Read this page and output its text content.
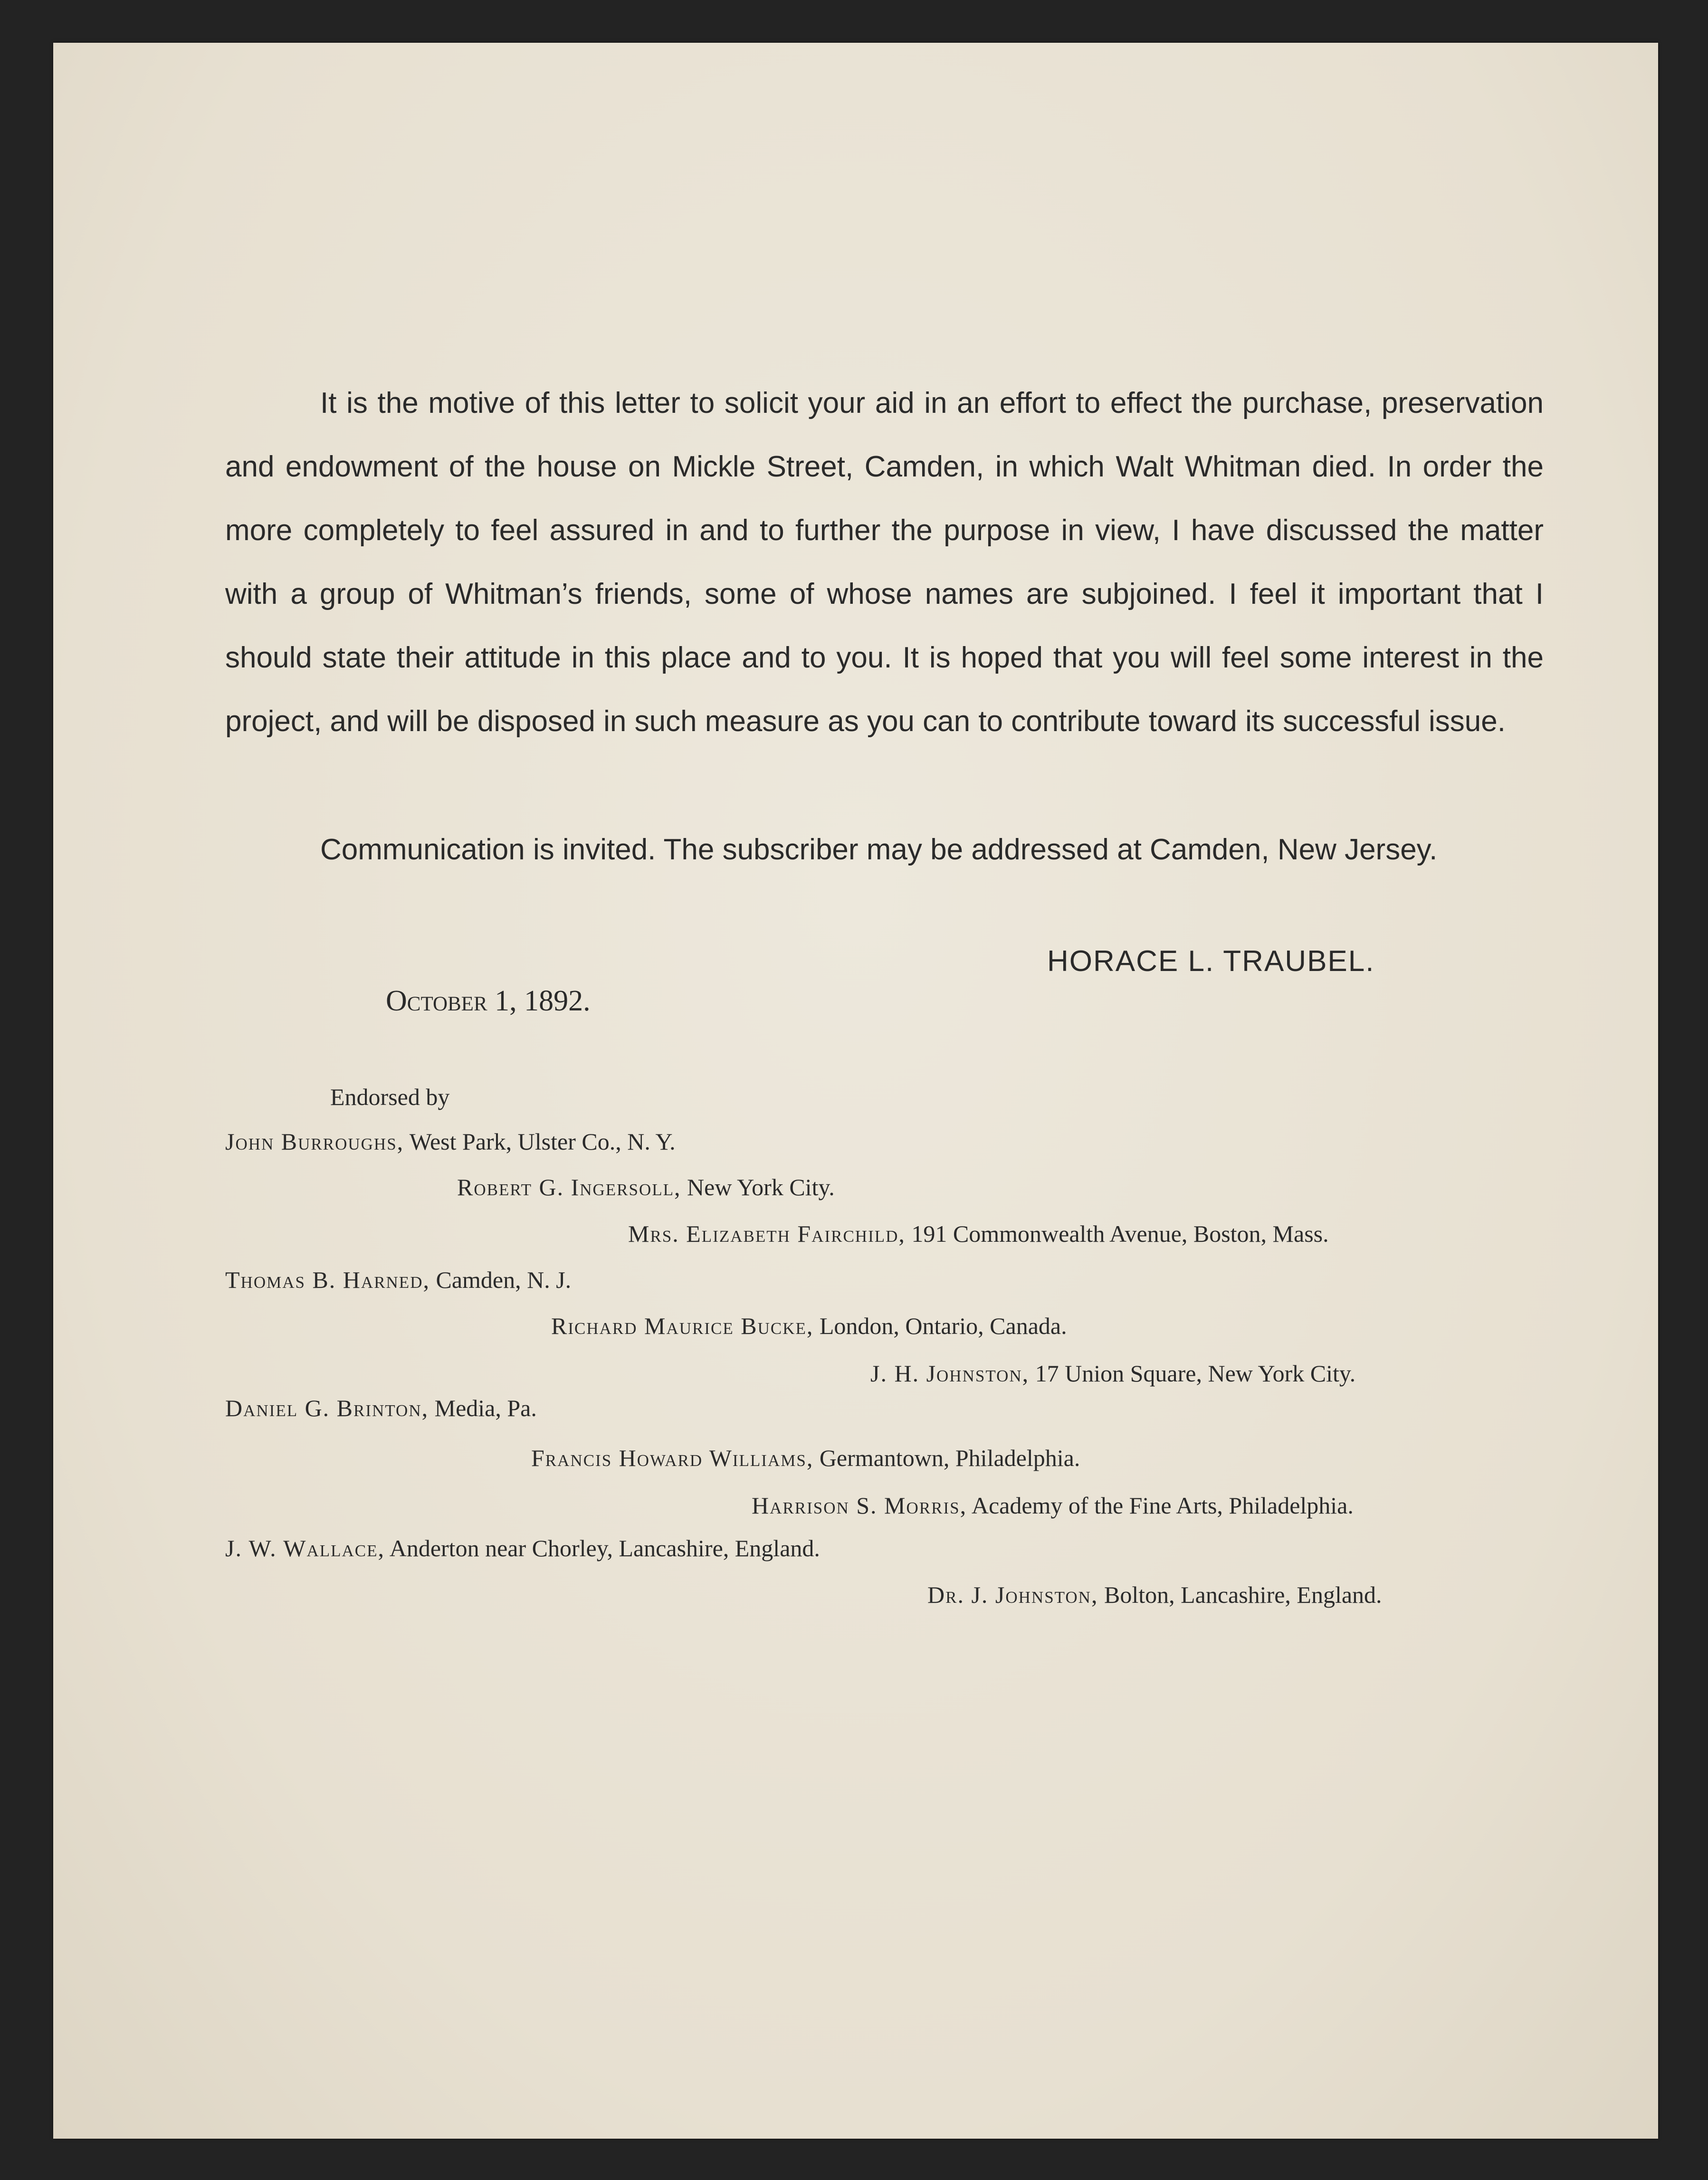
It is the motive of this letter to solicit your aid in an effort to effect the purchase, preservation and endowment of the house on Mickle Street, Camden, in which Walt Whitman died. In order the more completely to feel assured in and to further the purpose in view, I have discussed the matter with a group of Whitman’s friends, some of whose names are subjoined. I feel it important that I should state their attitude in this place and to you. It is hoped that you will feel some interest in the project, and will be disposed in such measure as you can to contribute toward its successful issue.

Communication is invited. The subscriber may be addressed at Camden, New Jersey.

HORACE L. TRAUBEL.
October 1, 1892.
Endorsed by
John Burroughs, West Park, Ulster Co., N. Y.
Robert G. Ingersoll, New York City.
Mrs. Elizabeth Fairchild, 191 Commonwealth Avenue, Boston, Mass.
Thomas B. Harned, Camden, N. J.
Richard Maurice Bucke, London, Ontario, Canada.
J. H. Johnston, 17 Union Square, New York City.
Daniel G. Brinton, Media, Pa.
Francis Howard Williams, Germantown, Philadelphia.
Harrison S. Morris, Academy of the Fine Arts, Philadelphia.
J. W. Wallace, Anderton near Chorley, Lancashire, England.
Dr. J. Johnston, Bolton, Lancashire, England.
